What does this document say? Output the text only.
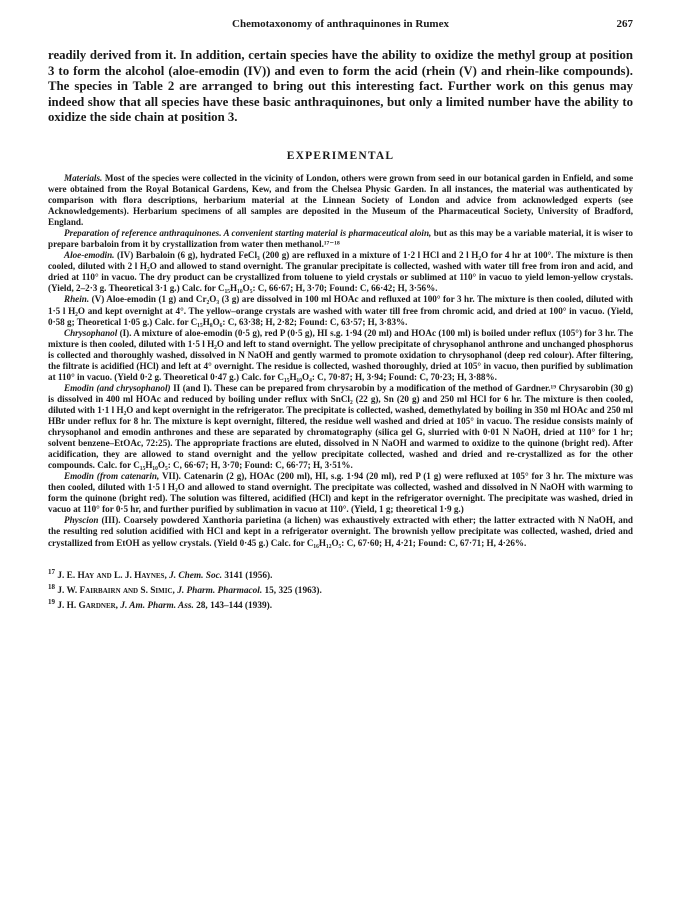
Chemotaxonomy of anthraquinones in Rumex	267
readily derived from it. In addition, certain species have the ability to oxidize the methyl group at position 3 to form the alcohol (aloe-emodin (IV)) and even to form the acid (rhein (V) and rhein-like compounds). The species in Table 2 are arranged to bring out this interesting fact. Further work on this genus may indeed show that all species have these basic anthraquinones, but only a limited number have the ability to oxidize the side chain at position 3.
EXPERIMENTAL

Materials. Most of the species were collected in the vicinity of London, others were grown from seed in our botanical garden in Enfield, and some were obtained from the Royal Botanical Gardens, Kew, and from the Chelsea Physic Garden. In all instances, the material was authenticated by comparison with flora descriptions, herbarium material at the Linnean Society of London and advice from acknowledged experts (see Acknowledgements). Herbarium specimens of all samples are deposited in the Museum of the Pharmaceutical Society, University of Bradford, England.

Preparation of reference anthraquinones. A convenient starting material is pharmaceutical aloin, but as this may be a variable material, it is wiser to prepare barbaloin from it by crystallization from water then methanol.¹⁷⁻¹⁸

Aloe-emodin. (IV) Barbaloin (6 g), hydrated FeCl₃ (200 g) are refluxed in a mixture of 1·2 l HCl and 2 l H₂O for 4 hr at 100°. The mixture is then cooled, diluted with 2 l H₂O and allowed to stand overnight. The granular precipitate is collected, washed with water till free from iron and acid, and dried at 110° in vacuo. The dry product can be crystallized from toluene to yield crystals or sublimed at 110° in vacuo to yield lemon-yellow crystals. (Yield, 2–2·3 g. Theoretical 3·1 g.) Calc. for C₁₅H₁₀O₅: C, 66·67; H, 3·70; Found: C, 66·42; H, 3·56%.

Rhein. (V) Aloe-emodin (1 g) and Cr₂O₃ (3 g) are dissolved in 100 ml HOAc and refluxed at 100° for 3 hr. The mixture is then cooled, diluted with 1·5 l H₂O and kept overnight at 4°. The yellow–orange crystals are washed with water till free from chromic acid, and dried at 100° in vacuo. (Yield, 0·58 g; Theoretical 1·05 g.) Calc. for C₁₅H₈O₆: C, 63·38; H, 2·82; Found: C, 63·57; H, 3·83%.

Chrysophanol (I). A mixture of aloe-emodin (0·5 g), red P (0·5 g), HI s.g. 1·94 (20 ml) and HOAc (100 ml) is boiled under reflux (105°) for 3 hr. The mixture is then cooled, diluted with 1·5 l H₂O and left to stand overnight. The yellow precipitate of chrysophanol anthrone and unchanged phosphorus is collected and thoroughly washed, dissolved in N NaOH and gently warmed to promote oxidation to chrysophanol (deep red colour). After filtering, the filtrate is acidified (HCl) and left at 4° overnight. The residue is collected, washed thoroughly, dried at 105° in vacuo, then purified by sublimation at 110° in vacuo. (Yield 0·2 g. Theoretical 0·47 g.) Calc. for C₁₅H₁₀O₄: C, 70·87; H, 3·94; Found: C, 70·23; H, 3·88%.

Emodin (and chrysophanol) II (and I). These can be prepared from chrysarobin by a modification of the method of Gardner.¹⁹ Chrysarobin (30 g) is dissolved in 400 ml HOAc and reduced by boiling under reflux with SnCl₂ (22 g), Sn (20 g) and 250 ml HCl for 6 hr. The mixture is then cooled, diluted with 1·1 l H₂O and kept overnight in the refrigerator. The precipitate is collected, washed, demethylated by boiling in 350 ml HOAc and 250 ml HBr under reflux for 8 hr. The mixture is kept overnight, filtered, the residue well washed and dried at 105° in vacuo. The residue consists mainly of chrysophanol and emodin anthrones and these are separated by chromatography (silica gel G, slurried with 0·01 N NaOH, dried at 110° for 1 hr; solvent benzene–EtOAc, 72:25). The appropriate fractions are eluted, dissolved in N NaOH and warmed to oxidize to the quinone (bright red). After acidification, they are allowed to stand overnight and the yellow precipitate collected, washed and dried and re-crystallized as for the other compounds. Calc. for C₁₅H₁₀O₅: C, 66·67; H, 3·70; Found: C, 66·77; H, 3·51%.

Emodin (from catenarin, VII). Catenarin (2 g), HOAc (200 ml), HI, s.g. 1·94 (20 ml), red P (1 g) were refluxed at 105° for 3 hr. The mixture was then cooled, diluted with 1·5 l H₂O and allowed to stand overnight. The precipitate was collected, washed and dissolved in N NaOH with warming to form the quinone (bright red). The solution was filtered, acidified (HCl) and kept in the refrigerator overnight. The precipitate was washed, dried in vacuo at 110° for 0·5 hr, and further purified by sublimation in vacuo at 110°. (Yield, 1 g; theoretical 1·9 g.)

Physcion (III). Coarsely powdered Xanthoria parietina (a lichen) was exhaustively extracted with ether; the latter extracted with N NaOH, and the resulting red solution acidified with HCl and kept in a refrigerator overnight. The brownish yellow precipitate was collected, washed, dried and crystallized from EtOH as yellow crystals. (Yield 0·45 g.) Calc. for C₁₆H₁₂O₅: C, 67·60; H, 4·21; Found: C, 67·71; H, 4·26%.

$^{17}$ J. E. Hay and L. J. Haynes, J. Chem. Soc. 3141 (1956).

$^{18}$ J. W. Fairbairn and S. Simic, J. Pharm. Pharmacol. 15, 325 (1963).

$^{19}$ J. H. Gardner, J. Am. Pharm. Ass. 28, 143–144 (1939).
